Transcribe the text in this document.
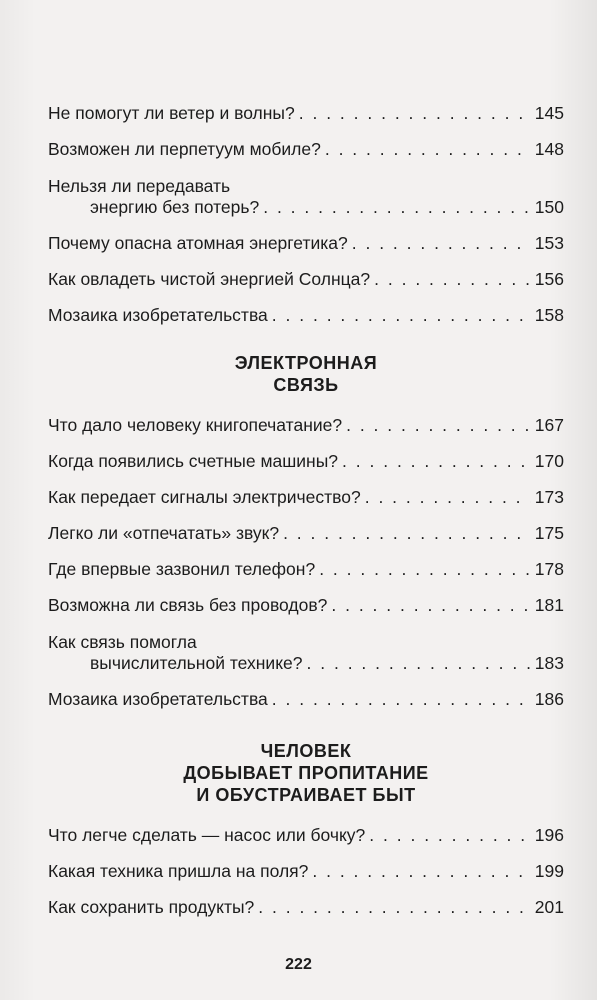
Не помогут ли ветер и волны? . . .	145
Возможен ли перпетуум мобиле? . . .	148
Нельзя ли передавать
энергию без потерь? . . .	150
Почему опасна атомная энергетика? . . .	153
Как овладеть чистой энергией Солнца? . . .	156
Мозаика изобретательства . . .	158
ЭЛЕКТРОННАЯ
СВЯЗЬ
Что дало человеку книгопечатание? . . .	167
Когда появились счетные машины? . . .	170
Как передает сигналы электричество? . . .	173
Легко ли «отпечатать» звук? . . .	175
Где впервые зазвонил телефон? . . .	178
Возможна ли связь без проводов? . . .	181
Как связь помогла
вычислительной технике? . . .	183
Мозаика изобретательства . . .	186
ЧЕЛОВЕК
ДОБЫВАЕТ ПРОПИТАНИЕ
И ОБУСТРАИВАЕТ БЫТ
Что легче сделать — насос или бочку? . . .	196
Какая техника пришла на поля? . . .	199
Как сохранить продукты? . . .	201
222
